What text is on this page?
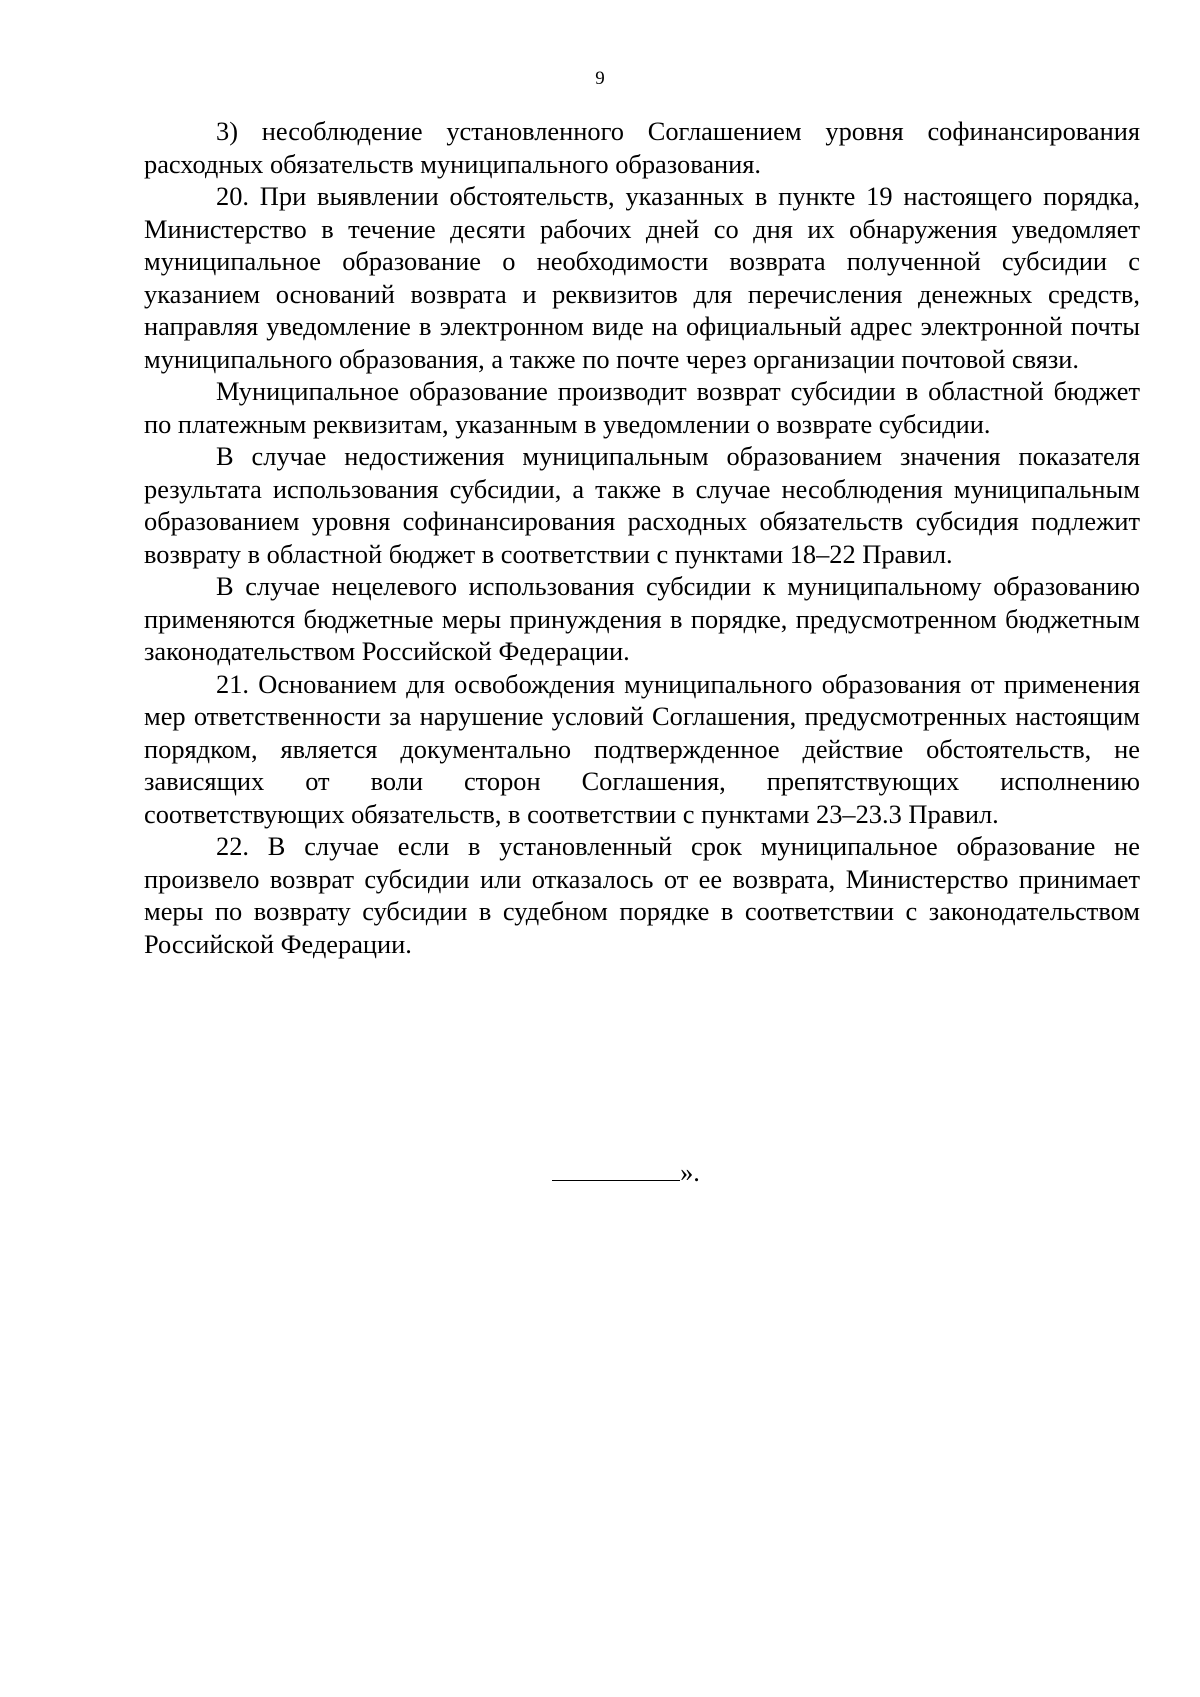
9

3) несоблюдение установленного Соглашением уровня софинансирования расходных обязательств муниципального образования.

20. При выявлении обстоятельств, указанных в пункте 19 настоящего порядка, Министерство в течение десяти рабочих дней со дня их обнаружения уведомляет муниципальное образование о необходимости возврата полученной субсидии с указанием оснований возврата и реквизитов для перечисления денежных средств, направляя уведомление в электронном виде на официальный адрес электронной почты муниципального образования, а также по почте через организации почтовой связи.

Муниципальное образование производит возврат субсидии в областной бюджет по платежным реквизитам, указанным в уведомлении о возврате субсидии.

В случае недостижения муниципальным образованием значения показателя результата использования субсидии, а также в случае несоблюдения муниципальным образованием уровня софинансирования расходных обязательств субсидия подлежит возврату в областной бюджет в соответствии с пунктами 18–22 Правил.

В случае нецелевого использования субсидии к муниципальному образованию применяются бюджетные меры принуждения в порядке, предусмотренном бюджетным законодательством Российской Федерации.

21. Основанием для освобождения муниципального образования от применения мер ответственности за нарушение условий Соглашения, предусмотренных настоящим порядком, является документально подтвержденное действие обстоятельств, не зависящих от воли сторон Соглашения, препятствующих исполнению соответствующих обязательств, в соответствии с пунктами 23–23.3 Правил.

22. В случае если в установленный срок муниципальное образование не произвело возврат субсидии или отказалось от ее возврата, Министерство принимает меры по возврату субсидии в судебном порядке в соответствии с законодательством Российской Федерации.

».
